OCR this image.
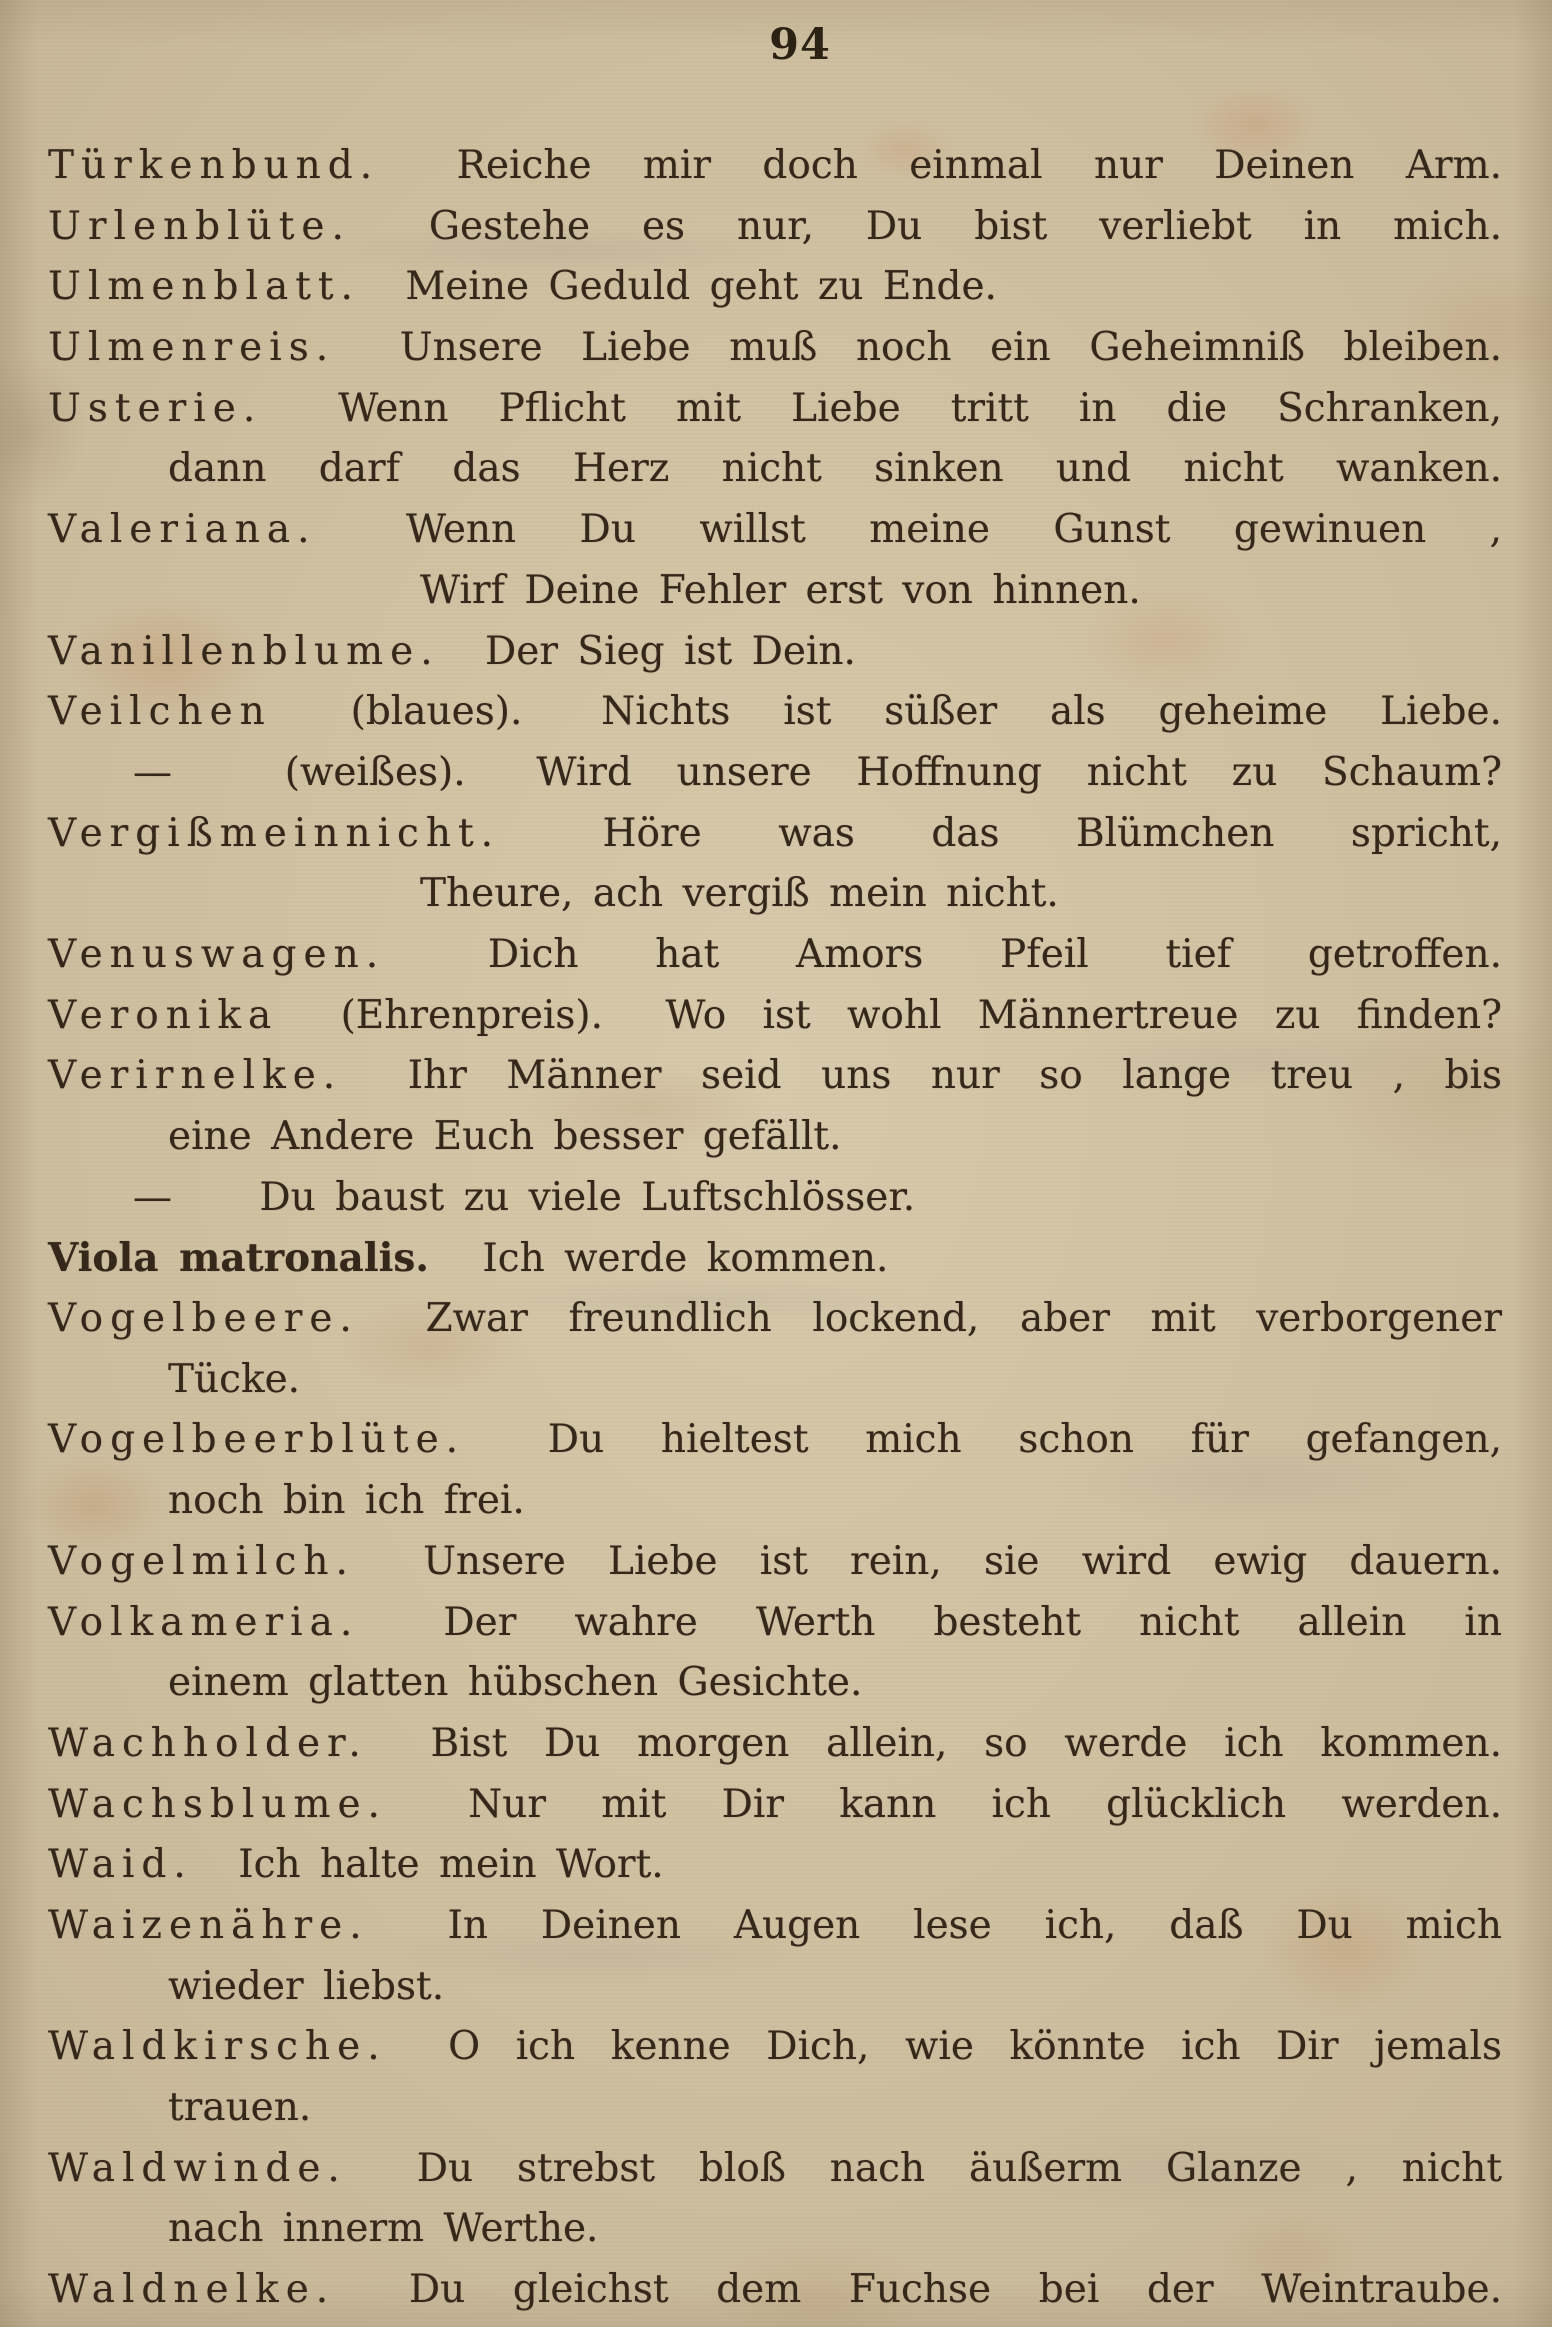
94

Türkenbund. Reiche mir doch einmal nur Deinen Arm.

Urlenblüte. Gestehe es nur, Du bist verliebt in mich.

Ulmenblatt. Meine Geduld geht zu Ende.

Ulmenreis. Unsere Liebe muß noch ein Geheimniß bleiben.

Usterie. Wenn Pflicht mit Liebe tritt in die Schranken,

dann darf das Herz nicht sinken und nicht wanken.

Valeriana. Wenn Du willst meine Gunst gewinuen ,

Wirf Deine Fehler erst von hinnen.

Vanillenblume. Der Sieg ist Dein.

Veilchen (blaues). Nichts ist süßer als geheime Liebe.

—	(weißes). Wird unsere Hoffnung nicht zu Schaum?

Vergißmeinnicht.	Höre was das Blümchen spricht,

Theure, ach vergiß mein nicht.

Venuswagen.	Dich hat Amors Pfeil tief getroffen.

Veronika (Ehrenpreis). Wo ist wohl Männertreue zu finden?

Verirnelke. Ihr Männer seid uns nur so lange treu , bis

eine Andere Euch besser gefällt.

— Du baust zu viele Luftschlösser.

Viola matronalis. Ich werde kommen.

Vogelbeere. Zwar freundlich lockend, aber mit verborgener

Tücke.

Vogelbeerblüte. Du hieltest mich schon für gefangen,

noch bin ich frei.

Vogelmilch. Unsere Liebe ist rein, sie wird ewig dauern.

Volkameria. Der wahre Werth besteht nicht allein in

einem glatten hübschen Gesichte.

Wachholder. Bist Du morgen allein, so werde ich kommen.

Wachsblume. Nur mit Dir kann ich glücklich werden.

Waid. Ich halte mein Wort.

Waizenähre. In Deinen Augen lese ich, daß Du mich

wieder liebst.

Waldkirsche. O ich kenne Dich, wie könnte ich Dir jemals

trauen.

Waldwinde. Du strebst bloß nach äußerm Glanze , nicht

nach innerm Werthe.

Waldnelke. Du gleichst dem Fuchse bei der Weintraube.
